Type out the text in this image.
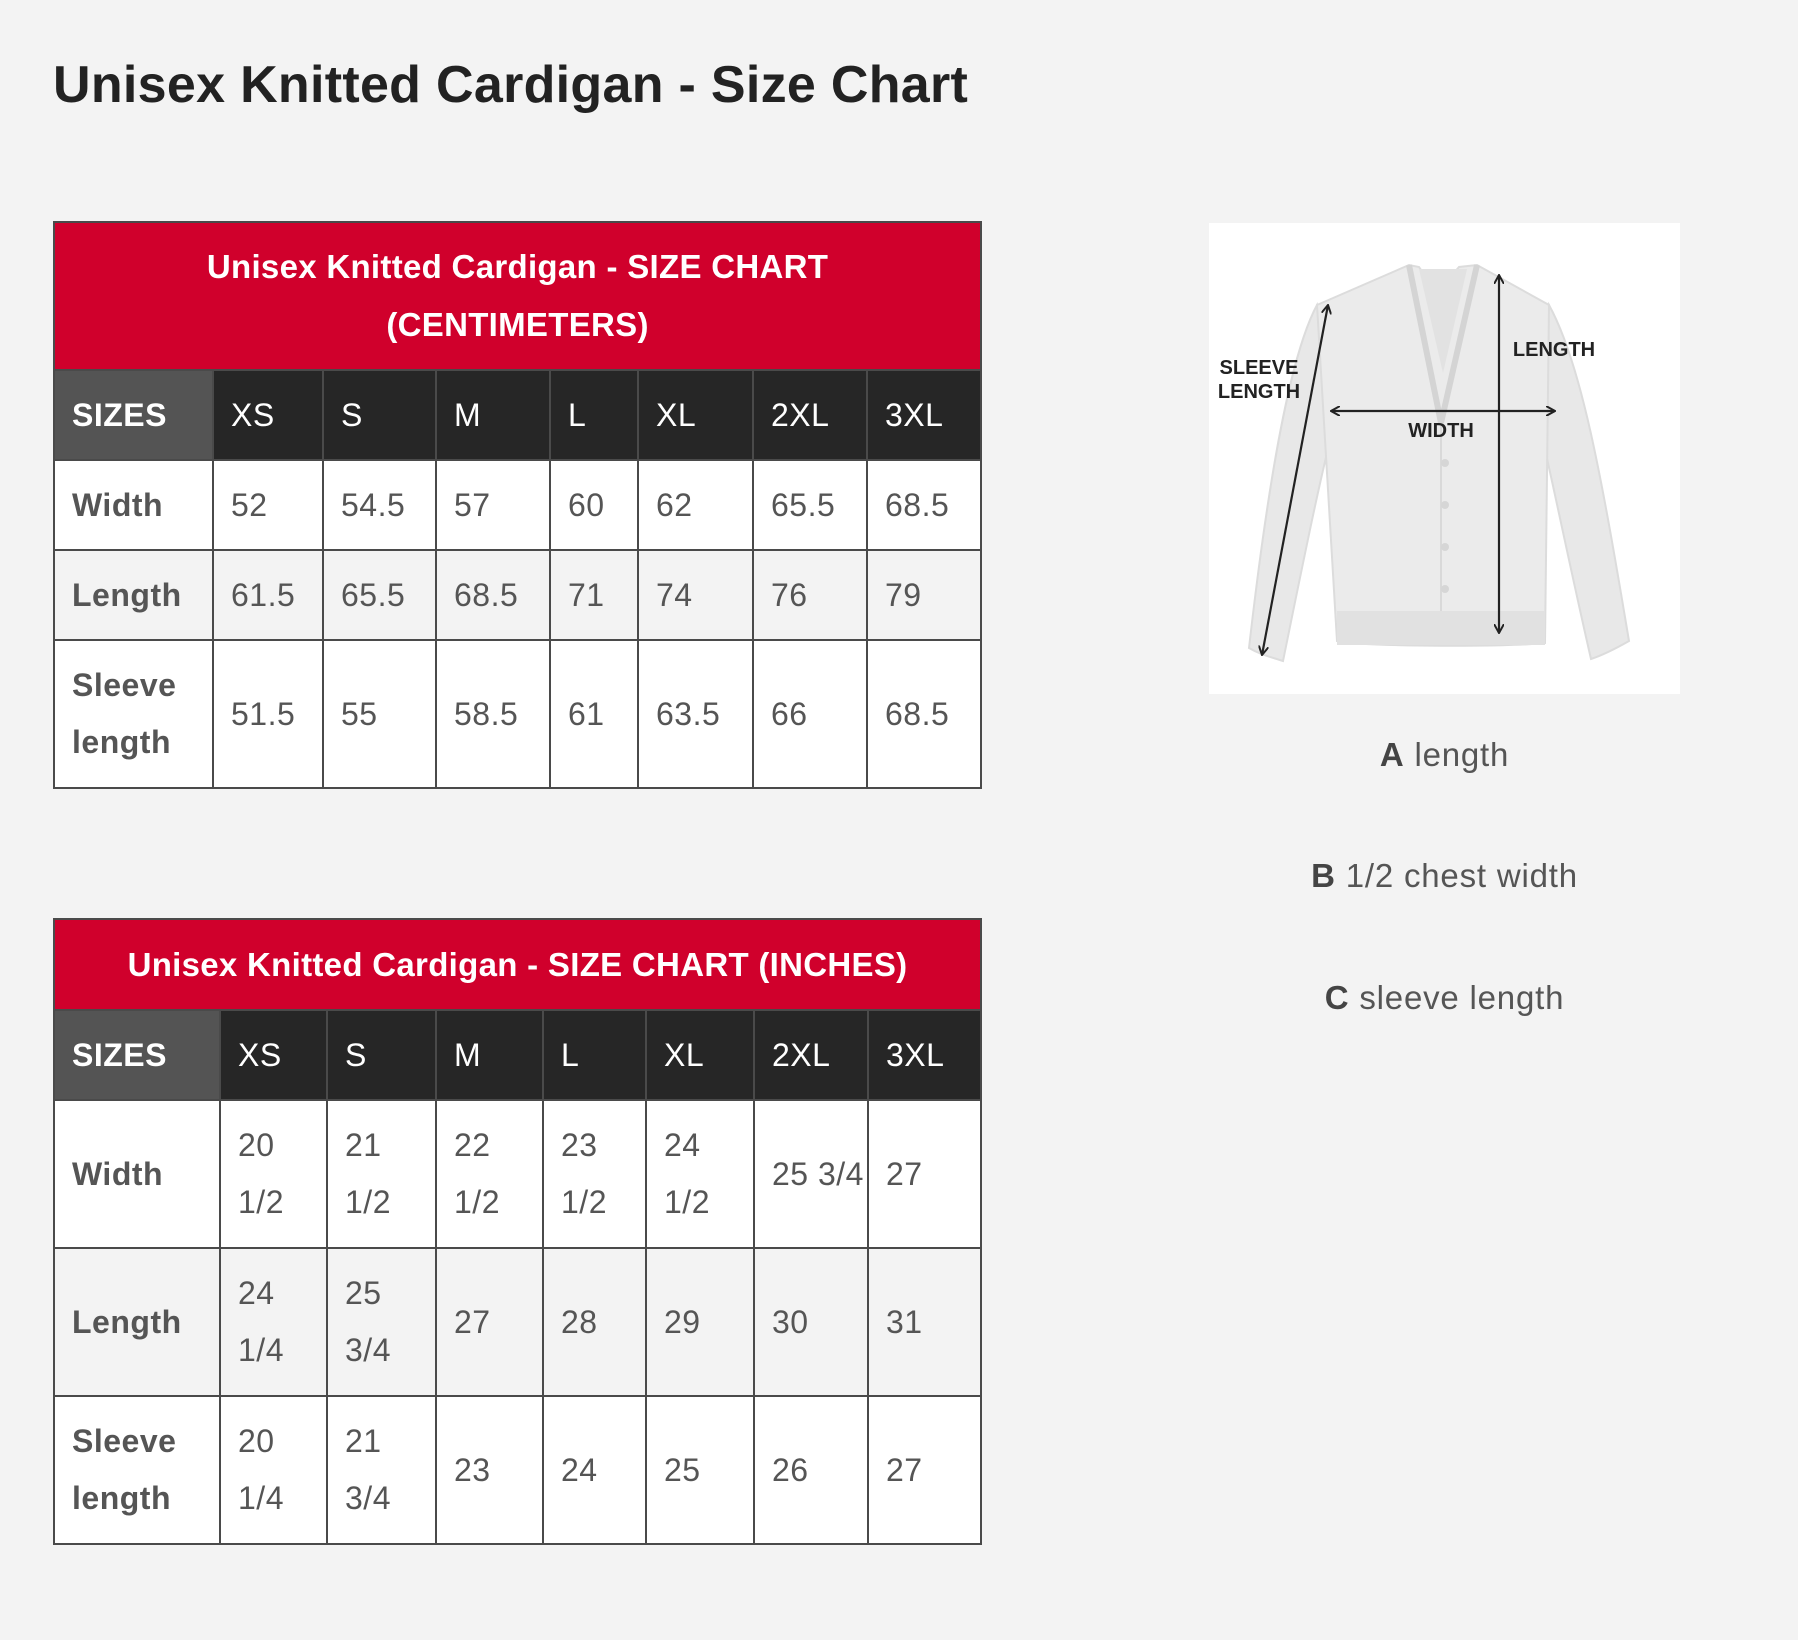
Unisex Knitted Cardigan - Size Chart
Unisex Knitted Cardigan - SIZE CHART (CENTIMETERS)							
SIZES	XS	S	M	L	XL	2XL	3XL
Width	52	54.5	57	60	62	65.5	68.5
Length	61.5	65.5	68.5	71	74	76	79
Sleeve length	51.5	55	58.5	61	63.5	66	68.5
Unisex Knitted Cardigan - SIZE CHART (INCHES)							
SIZES	XS	S	M	L	XL	2XL	3XL
Width	20 1/2	21 1/2	22 1/2	23 1/2	24 1/2	25 3/4	27
Length	24 1/4	25 3/4	27	28	29	30	31
Sleeve length	20 1/4	21 3/4	23	24	25	26	27
SLEEVE
LENGTH
LENGTH
WIDTH
A length
B 1/2 chest width
C sleeve length
